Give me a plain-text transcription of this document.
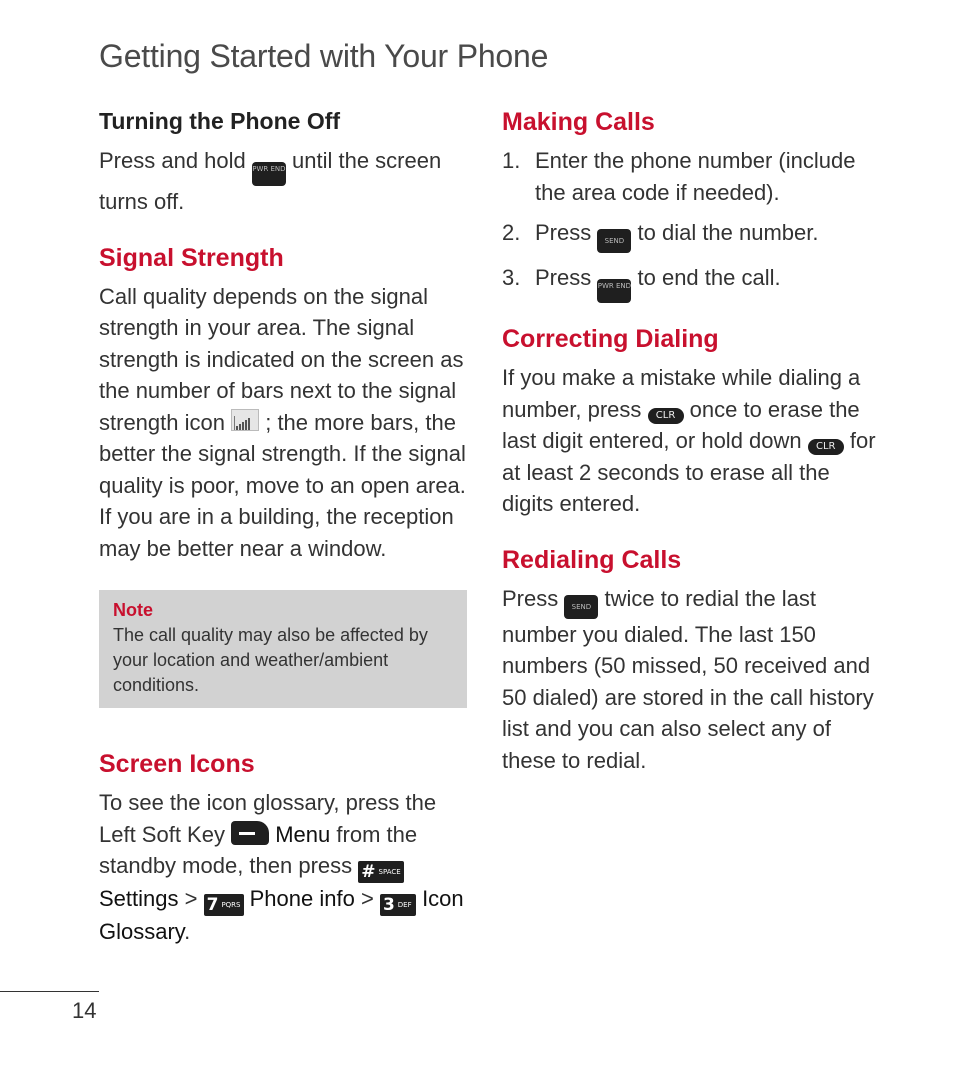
Getting Started with Your Phone
Turning the Phone Off

Press and hold PWR END until the screen turns off.

Signal Strength

Call quality depends on the signal strength in your area. The signal strength is indicated on the screen as the number of bars next to the signal strength icon ; the more bars, the better the signal strength. If the signal quality is poor, move to an open area. If you are in a building, the reception may be better near a window.

Note

The call quality may also be affected by your location and weather/ambient conditions.

Screen Icons

To see the icon glossary, press the Left Soft Key Menu from the standby mode, then press # SPACE
Settings > 7 PQRS Phone info > 3 DEF Icon Glossary.

Making Calls
1. Enter the phone number (include the area code if needed).
2. Press SEND to dial the number.
3. Press PWR END to end the call.
Correcting Dialing

If you make a mistake while dialing a number, press CLR once to erase the last digit entered, or hold down CLR for at least 2 seconds to erase all the digits entered.

Redialing Calls

Press SEND twice to redial the last number you dialed. The last 150 numbers (50 missed, 50 received and 50 dialed) are stored in the call history list and you can also select any of these to redial.

14
